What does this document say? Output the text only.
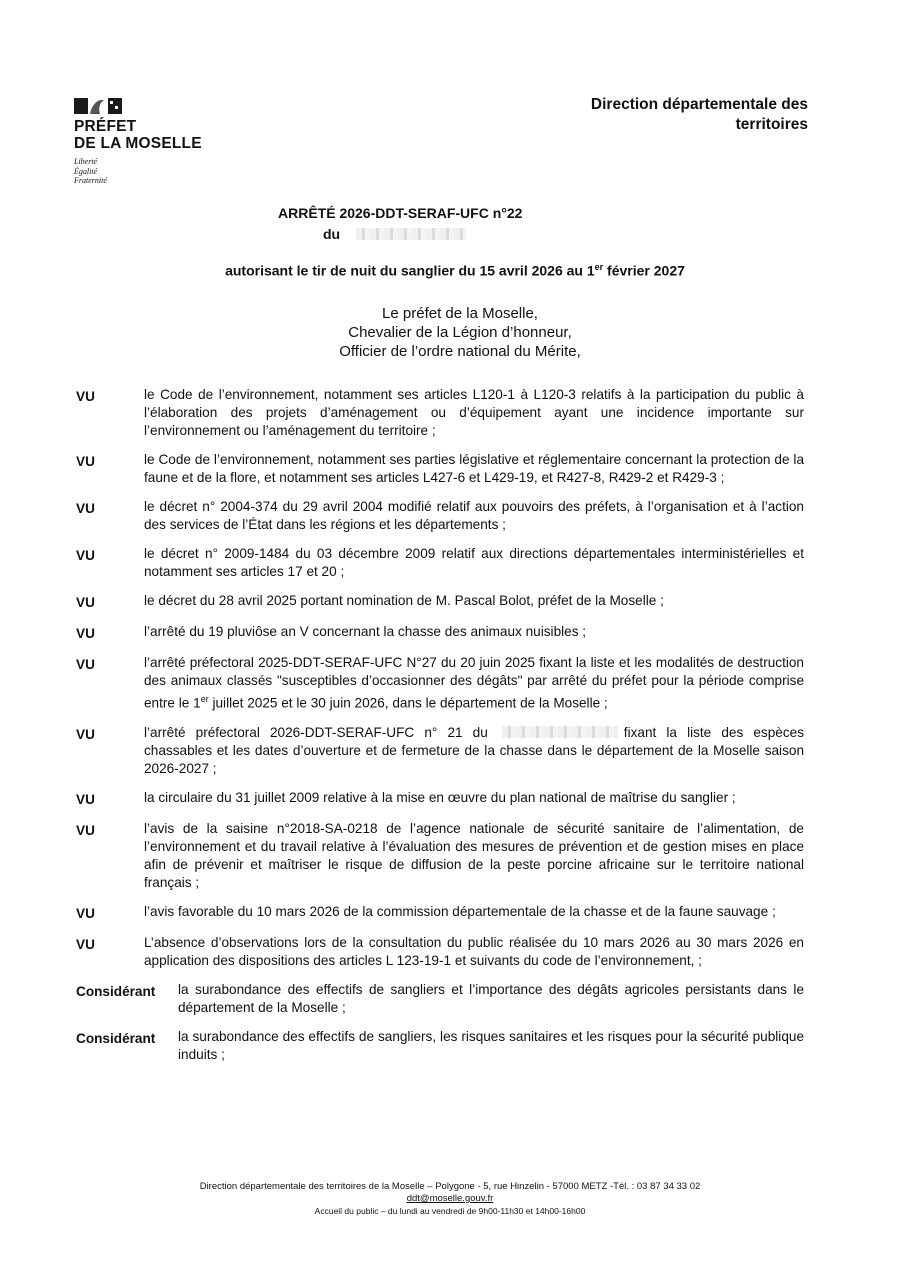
PRÉFET
DE LA MOSELLE
Liberté
Égalité
Fraternité
Direction départementale des
territoires
ARRÊTÉ 2026-DDT-SERAF-UFC n°22
du
autorisant le tir de nuit du sanglier du 15 avril 2026 au 1er février 2027
Le préfet de la Moselle,
Chevalier de la Légion d’honneur,
Officier de l’ordre national du Mérite,
VU	le Code de l’environnement, notamment ses articles L120-1 à L120-3 relatifs à la participation du public à l’élaboration des projets d’aménagement ou d’équipement ayant une incidence importante sur l’environnement ou l’aménagement du territoire ;
VU	le Code de l’environnement, notamment ses parties législative et réglementaire concernant la protection de la faune et de la flore, et notamment ses articles L427-6 et L429-19, et R427-8, R429-2 et R429-3 ;
VU	le décret n° 2004-374 du 29 avril 2004 modifié relatif aux pouvoirs des préfets, à l’organisation et à l’action des services de l’État dans les régions et les départements ;
VU	le décret n° 2009-1484 du 03 décembre 2009 relatif aux directions départementales interministérielles et notamment ses articles 17 et 20 ;
VU	le décret du 28 avril 2025 portant nomination de M. Pascal Bolot, préfet de la Moselle ;
VU	l’arrêté du 19 pluviôse an V concernant la chasse des animaux nuisibles ;
VU	l’arrêté préfectoral 2025-DDT-SERAF-UFC N°27 du 20 juin 2025 fixant la liste et les modalités de destruction des animaux classés "susceptibles d’occasionner des dégâts" par arrêté du préfet pour la période comprise entre le 1er juillet 2025 et le 30 juin 2026, dans le département de la Moselle ;
VU	l’arrêté préfectoral 2026-DDT-SERAF-UFC n° 21 du	fixant la liste des espèces chassables et les dates d’ouverture et de fermeture de la chasse dans le département de la Moselle saison 2026-2027 ;
VU	la circulaire du 31 juillet 2009 relative à la mise en œuvre du plan national de maîtrise du sanglier ;
VU	l’avis de la saisine n°2018-SA-0218 de l’agence nationale de sécurité sanitaire de l’alimentation, de l’environnement et du travail relative à l’évaluation des mesures de prévention et de gestion mises en place afin de prévenir et maîtriser le risque de diffusion de la peste porcine africaine sur le territoire national français ;
VU	l’avis favorable du 10 mars 2026 de la commission départementale de la chasse et de la faune sauvage ;
VU	L’absence d’observations lors de la consultation du public réalisée du 10 mars 2026 au 30 mars 2026 en application des dispositions des articles L 123-19-1 et suivants du code de l’environnement, ;
Considérant	la surabondance des effectifs de sangliers et l’importance des dégâts agricoles persistants dans le département de la Moselle ;
Considérant	la surabondance des effectifs de sangliers, les risques sanitaires et les risques pour la sécurité publique induits ;
Direction départementale des territoires de la Moselle – Polygone - 5, rue Hinzelin - 57000 METZ -Tél. : 03 87 34 33 02
ddt@moselle.gouv.fr
Accueil du public – du lundi au vendredi de 9h00-11h30 et 14h00-16h00
